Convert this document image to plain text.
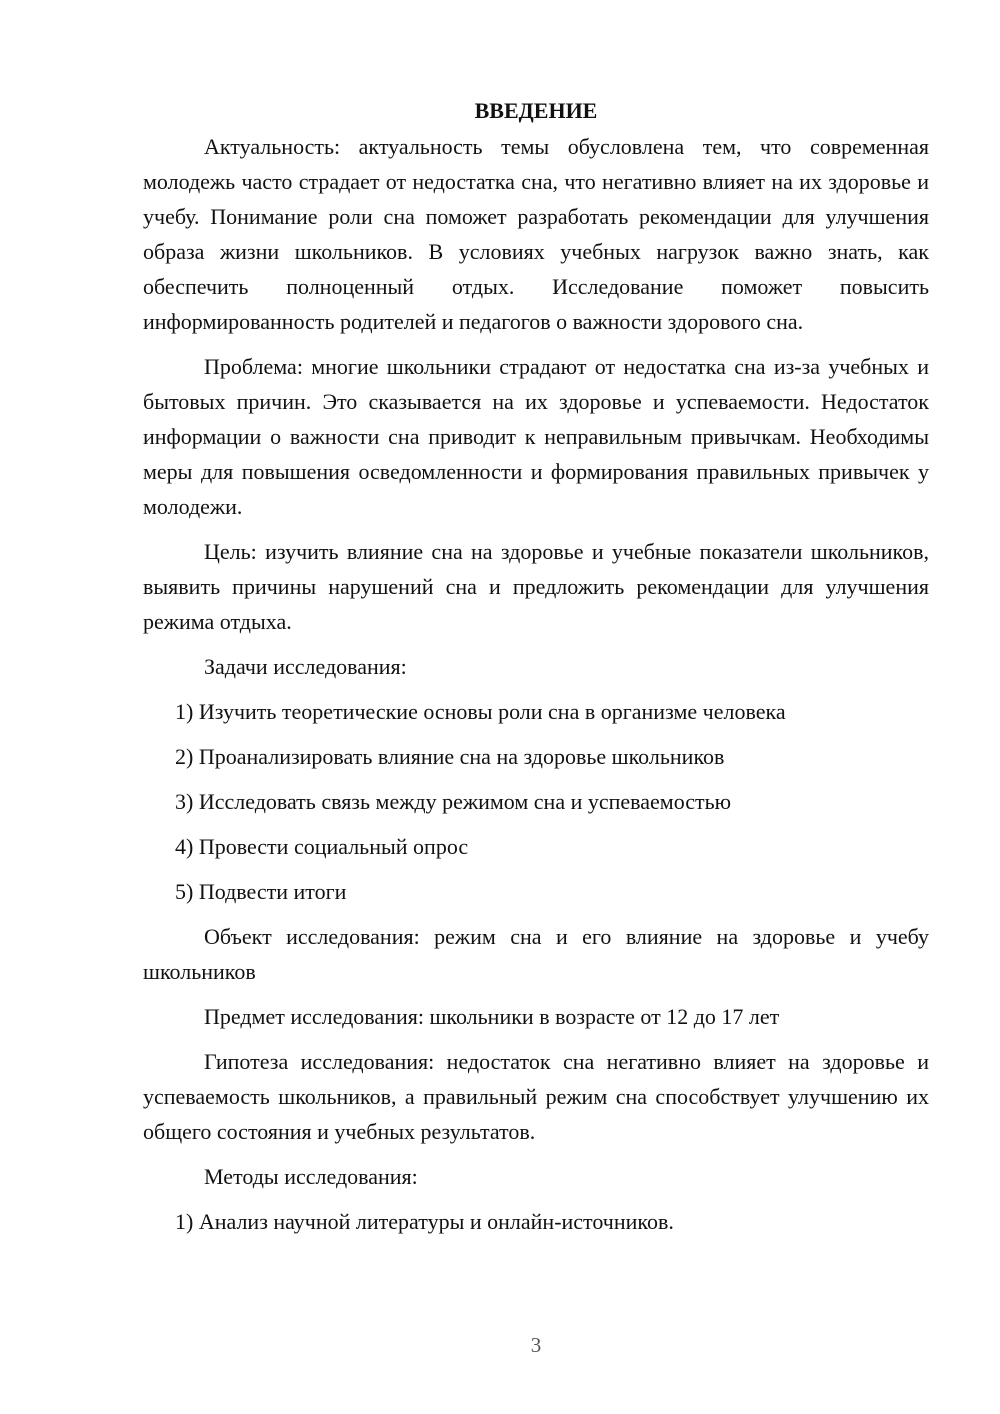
ВВЕДЕНИЕ

Актуальность: актуальность темы обусловлена тем, что современная молодежь часто страдает от недостатка сна, что негативно влияет на их здоровье и учебу. Понимание роли сна поможет разработать рекомендации для улучшения образа жизни школьников. В условиях учебных нагрузок важно знать, как обеспечить полноценный отдых. Исследование поможет повысить информированность родителей и педагогов о важности здорового сна.

Проблема: многие школьники страдают от недостатка сна из-за учебных и бытовых причин. Это сказывается на их здоровье и успеваемости. Недостаток информации о важности сна приводит к неправильным привычкам. Необходимы меры для повышения осведомленности и формирования правильных привычек у молодежи.

Цель: изучить влияние сна на здоровье и учебные показатели школьников, выявить причины нарушений сна и предложить рекомендации для улучшения режима отдыха.

Задачи исследования:

1) Изучить теоретические основы роли сна в организме человека

2) Проанализировать влияние сна на здоровье школьников

3) Исследовать связь между режимом сна и успеваемостью

4) Провести социальный опрос

5) Подвести итоги

Объект исследования: режим сна и его влияние на здоровье и учебу школьников

Предмет исследования: школьники в возрасте от 12 до 17 лет

Гипотеза исследования: недостаток сна негативно влияет на здоровье и успеваемость школьников, а правильный режим сна способствует улучшению их общего состояния и учебных результатов.

Методы исследования:

1) Анализ научной литературы и онлайн-источников.

3
